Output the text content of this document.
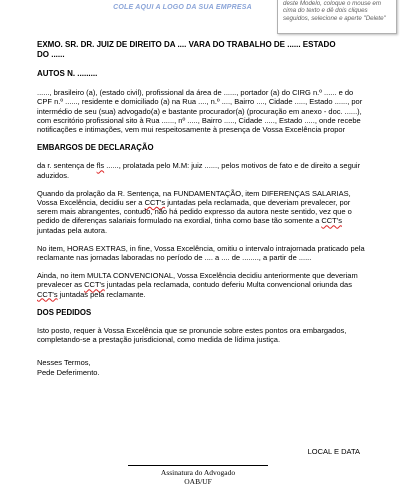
COLE AQUI A LOGO DA SUA EMPRESA
deste Modelo, coloque o mouse em cima do texto e dê dois cliques seguidos, selecione e aperte "Delete"
EXMO. SR. DR. JUIZ DE DIREITO DA .... VARA DO TRABALHO DE ...... ESTADO
DO ......
AUTOS N. .........
......, brasileiro (a), (estado civil), profissional da área de ......, portador (a) do CIRG n.º ...... e do CPF n.º ......, residente e domiciliado (a) na Rua ...., n.º ...., Bairro ...., Cidade ....., Estado ......, por intermédio de seu (sua) advogado(a) e bastante procurador(a) (procuração em anexo - doc. ......), com escritório profissional sito à Rua ......, nº ....., Bairro ....., Cidade ....., Estado ....., onde recebe notificações e intimações, vem mui respeitosamente à presença de Vossa Excelência propor
EMBARGOS DE DECLARAÇÃO
da r. sentença de fls ......, prolatada pelo M.M: juiz ......, pelos motivos de fato e de direito a seguir aduzidos.
Quando da prolação da R. Sentença, na FUNDAMENTAÇÃO, item DIFERENÇAS SALARIAS, Vossa Excelência, decidiu ser a CCT's juntadas pela reclamada, que deveriam prevalecer, por serem mais abrangentes, contudo, não há pedido expresso da autora neste sentido, vez que o pedido de diferenças salariais formulado na exordial, tinha como base tão somente a CCT's juntadas pela autora.
No item, HORAS EXTRAS, in fine, Vossa Excelência, omitiu o intervalo intrajornada praticado pela reclamante nas jornadas laboradas no período de .... a .... de ........, a partir de ......
Ainda, no item MULTA CONVENCIONAL, Vossa Excelência decidiu anteriormente que deveriam prevalecer as CCT's juntadas pela reclamada, contudo deferiu Multa convencional oriunda das CCT's juntadas pela reclamante.
DOS PEDIDOS
Isto posto, requer à Vossa Excelência que se pronuncie sobre estes pontos ora embargados, completando-se a prestação jurisdicional, como medida de lídima justiça.
Nesses Termos,
Pede Deferimento.
LOCAL E DATA
Assinatura do Advogado
OAB/UF
